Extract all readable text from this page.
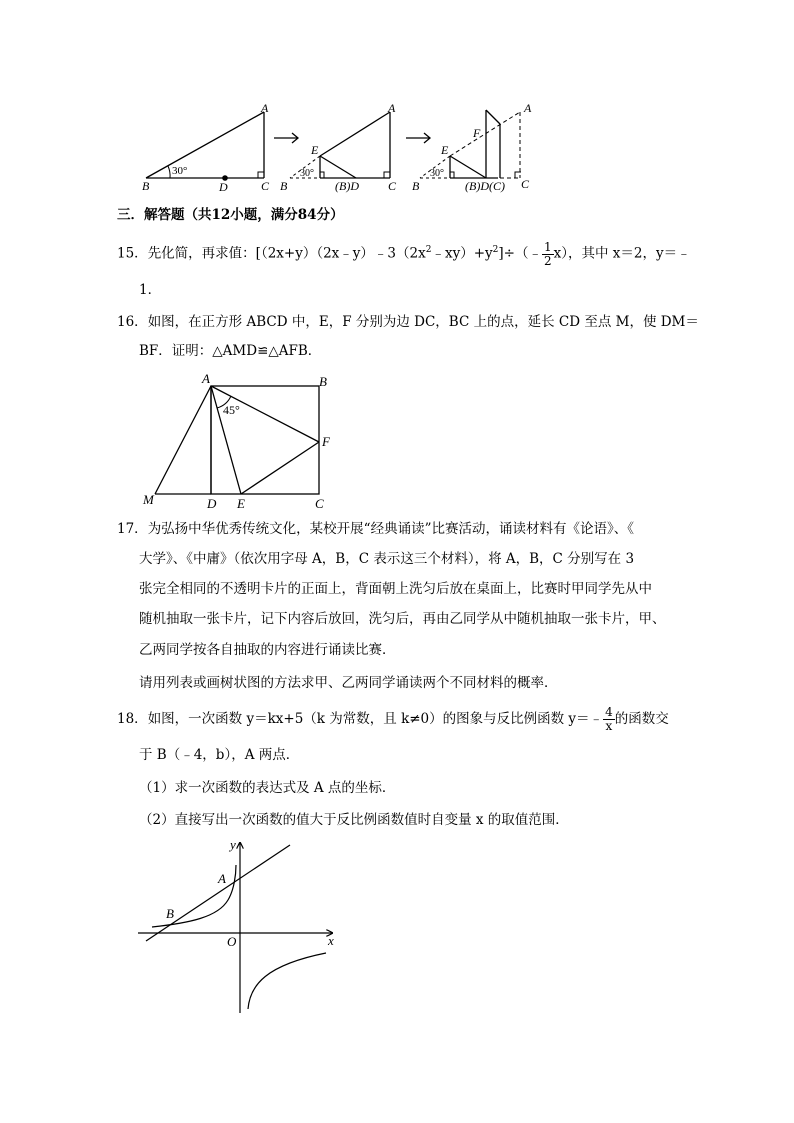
A
B	C
D
30°
A
E
B	(B)D C
30°
A
F
E
B	(B)D(C) C
30°
三．解答题（共12小题，满分84分）
15．先化简，再求值：$[(2x+y)(2x﹣y)﹣3(2x^2﹣xy)+y^2]\div(﹣ \frac{1}{2} x)$，其中 x＝2，y＝﹣
1．
16．如图，在正方形 ABCD 中，E，F 分别为边 DC，BC 上的点，延长 CD 至点 M，使 DM＝
BF．证明：△AMD≌△AFB．
A	B
C
D E
F
M
45°
17．为弘扬中华优秀传统文化，某校开展“经典诵读”比赛活动，诵读材料有《论语》、《
大学》、《中庸》（依次用字母 A，B，C 表示这三个材料），将 A，B，C 分别写在 3
张完全相同的不透明卡片的正面上，背面朝上洗匀后放在桌面上，比赛时甲同学先从中
随机抽取一张卡片，记下内容后放回，洗匀后，再由乙同学从中随机抽取一张卡片，甲、
乙两同学按各自抽取的内容进行诵读比赛．
请用列表或画树状图的方法求甲、乙两同学诵读两个不同材料的概率．
18．如图，一次函数 y＝kx+5（k 为常数，且 k≠0）的图象与反比例函数 y＝﹣ $\frac{4}{x}$ 的函数交
于 B（﹣4，b），A 两点．
（1）求一次函数的表达式及 A 点的坐标．
（2）直接写出一次函数的值大于反比例函数值时自变量 x 的取值范围．
y
x
O
A
B
